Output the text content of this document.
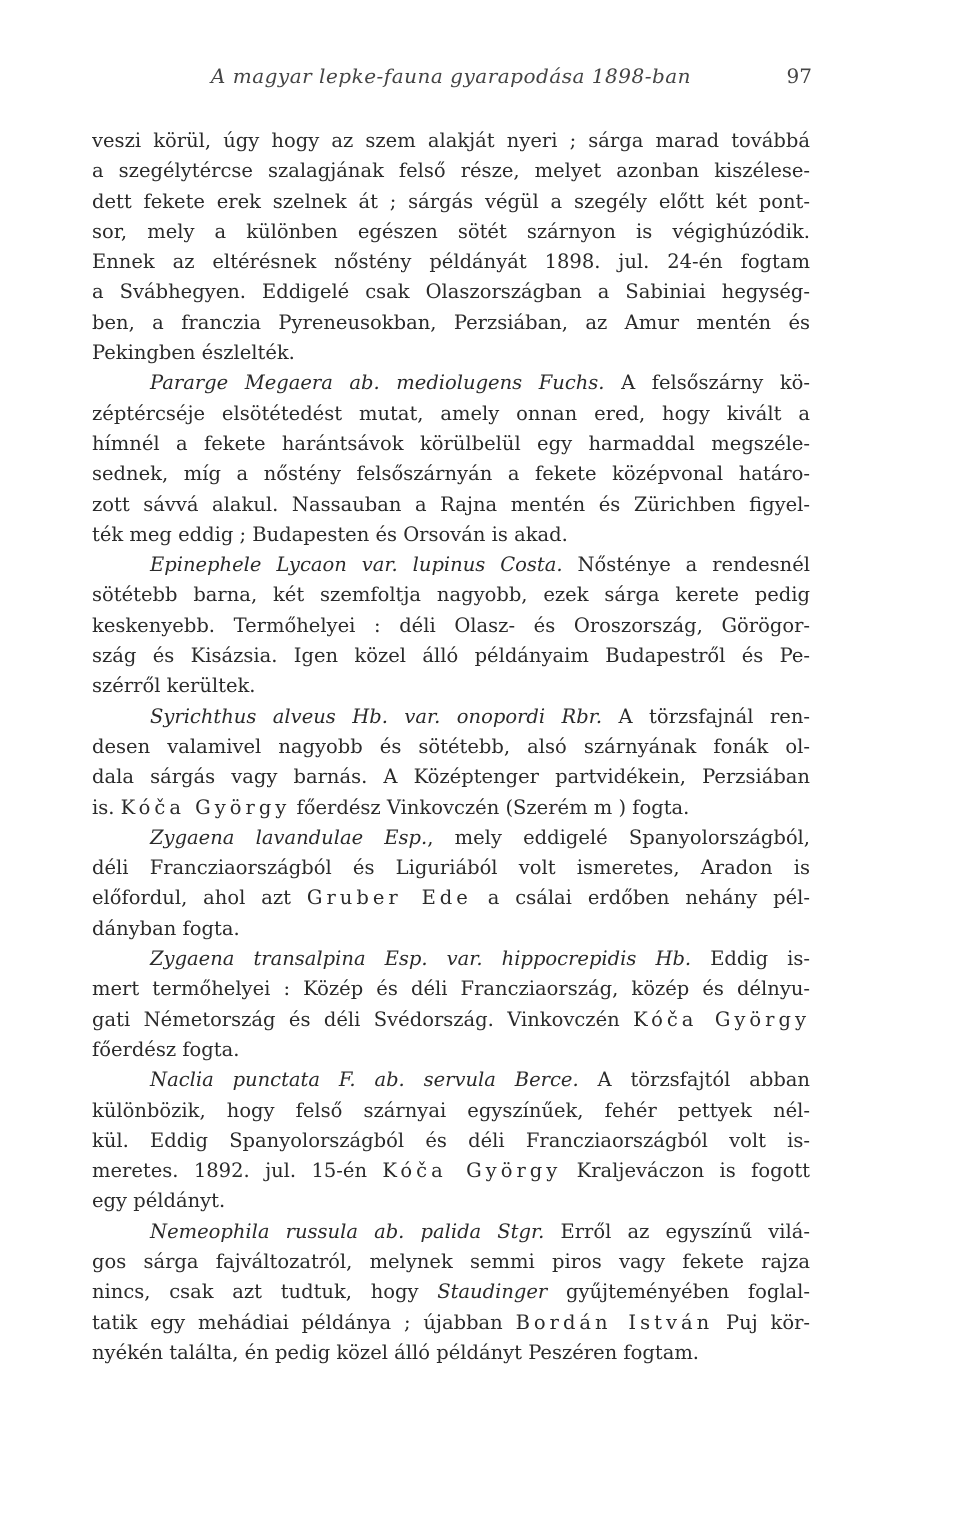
A magyar lepke-fauna gyarapodása 1898-ban	97
veszi körül, úgy hogy az szem alakját nyeri ; sárga marad továbbá
a szegélytércse szalagjának felső része, melyet azonban kiszélese-
dett fekete erek szelnek át ; sárgás végül a szegély előtt két pont-
sor, mely a különben egészen sötét szárnyon is végighúzódik.
Ennek az eltérésnek nőstény példányát 1898. jul. 24-én fogtam
a Svábhegyen. Eddigelé csak Olaszországban a Sabiniai hegység-
ben, a franczia Pyreneusokban, Perzsiában, az Amur mentén és
Pekingben észlelték.
Pararge Megaera ab. mediolugens Fuchs. A felsőszárny kö-
zéptércséje elsötétedést mutat, amely onnan ered, hogy kivált a
hímnél a fekete harántsávok körülbelül egy harmaddal megszéle-
sednek, míg a nőstény felsőszárnyán a fekete középvonal határo-
zott sávvá alakul. Nassauban a Rajna mentén és Zürichben figyel-
ték meg eddig ; Budapesten és Orsován is akad.
Epinephele Lycaon var. lupinus Costa. Nősténye a rendesnél
sötétebb barna, két szemfoltja nagyobb, ezek sárga kerete pedig
keskenyebb. Termőhelyei : déli Olasz- és Oroszország, Görögor-
szág és Kisázsia. Igen közel álló példányaim Budapestről és Pe-
szérről kerültek.
Syrichthus alveus Hb. var. onopordi Rbr. A törzsfajnál ren-
desen valamivel nagyobb és sötétebb, alsó szárnyának fonák ol-
dala sárgás vagy barnás. A Középtenger partvidékein, Perzsiában
is. Kóča György főerdész Vinkovczén (Szerém m ) fogta.
Zygaena lavandulae Esp., mely eddigelé Spanyolországból,
déli Francziaországból és Liguriából volt ismeretes, Aradon is
előfordul, ahol azt Gruber Ede a csálai erdőben nehány pél-
dányban fogta.
Zygaena transalpina Esp. var. hippocrepidis Hb. Eddig is-
mert termőhelyei : Közép és déli Francziaország, közép és délnyu-
gati Németország és déli Svédország. Vinkovczén Kóča György
főerdész fogta.
Naclia punctata F. ab. servula Berce. A törzsfajtól abban
különbözik, hogy felső szárnyai egyszínűek, fehér pettyek nél-
kül. Eddig Spanyolországból és déli Francziaországból volt is-
meretes. 1892. jul. 15-én Kóča György Kraljeváczon is fogott
egy példányt.
Nemeophila russula ab. palida Stgr. Erről az egyszínű vilá-
gos sárga fajváltozatról, melynek semmi piros vagy fekete rajza
nincs, csak azt tudtuk, hogy Staudinger gyűjteményében foglal-
tatik egy mehádiai példánya ; újabban Bordán István Puj kör-
nyékén találta, én pedig közel álló példányt Peszéren fogtam.
